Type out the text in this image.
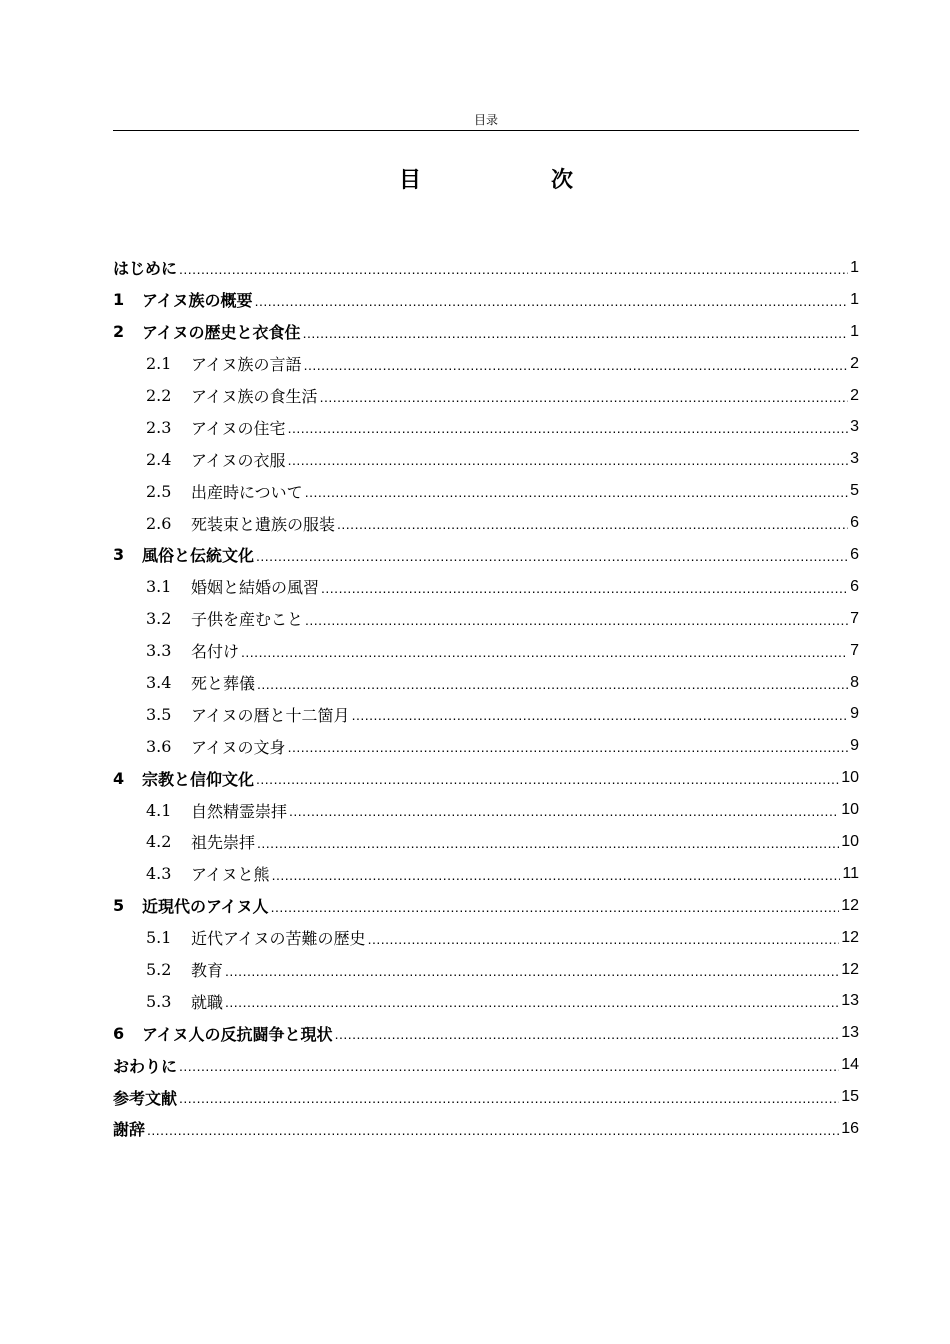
目录
目　次
はじめに .....	1
1	アイヌ族の概要 .....	1
2	アイヌの歴史と衣食住 .....	1
2.1	アイヌ族の言語 .....	2
2.2	アイヌ族の食生活 .....	2
2.3	アイヌの住宅 .....	3
2.4	アイヌの衣服 .....	3
2.5	出産時について .....	5
2.6	死装束と遺族の服装 .....	6
3	風俗と伝統文化 .....	6
3.1	婚姻と結婚の風習 .....	6
3.2	子供を産むこと .....	7
3.3	名付け .....	7
3.4	死と葬儀 .....	8
3.5	アイヌの暦と十二箇月 .....	9
3.6	アイヌの文身 .....	9
4	宗教と信仰文化 .....	10
4.1	自然精霊崇拝 .....	10
4.2	祖先崇拝 .....	10
4.3	アイヌと熊 .....	11
5	近現代のアイヌ人 .....	12
5.1	近代アイヌの苦難の歴史 .....	12
5.2	教育 .....	12
5.3	就職 .....	13
6	アイヌ人の反抗闘争と現状 .....	13
おわりに .....	14
参考文献 .....	15
謝辞 .....	16
